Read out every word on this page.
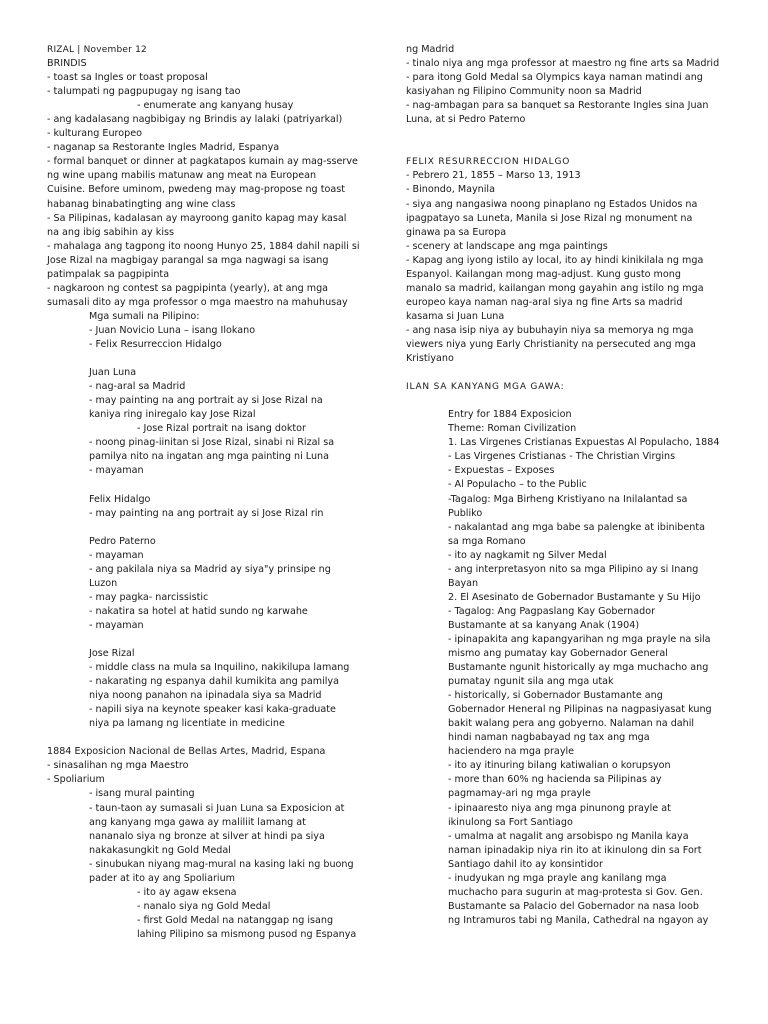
RIZAL | November 12
BRINDIS
- toast sa Ingles or toast proposal
- talumpati ng pagpupugay ng isang tao
- enumerate ang kanyang husay
- ang kadalasang nagbibigay ng Brindis ay lalaki (patriyarkal)
- kulturang Europeo
- naganap sa Restorante Ingles Madrid, Espanya
- formal banquet or dinner at pagkatapos kumain ay mag-sserve
ng wine upang mabilis matunaw ang meat na European
Cuisine. Before uminom, pwedeng may mag-propose ng toast
habanag binabatingting ang wine class
- Sa Pilipinas, kadalasan ay mayroong ganito kapag may kasal
na ang ibig sabihin ay kiss
- mahalaga ang tagpong ito noong Hunyo 25, 1884 dahil napili si
Jose Rizal na magbigay parangal sa mga nagwagi sa isang
patimpalak sa pagpipinta
- nagkaroon ng contest sa pagpipinta (yearly), at ang mga
sumasali dito ay mga professor o mga maestro na mahuhusay
Mga sumali na Pilipino:
- Juan Novicio Luna – isang Ilokano
- Felix Resurreccion Hidalgo
Juan Luna
- nag-aral sa Madrid
- may painting na ang portrait ay si Jose Rizal na
kaniya ring iniregalo kay Jose Rizal
- Jose Rizal portrait na isang doktor
- noong pinag-iinitan si Jose Rizal, sinabi ni Rizal sa
pamilya nito na ingatan ang mga painting ni Luna
- mayaman
Felix Hidalgo
- may painting na ang portrait ay si Jose Rizal rin
Pedro Paterno
- mayaman
- ang pakilala niya sa Madrid ay siya"y prinsipe ng
Luzon
- may pagka- narcissistic
- nakatira sa hotel at hatid sundo ng karwahe
- mayaman
Jose Rizal
- middle class na mula sa Inquilino, nakikilupa lamang
- nakarating ng espanya dahil kumikita ang pamilya
niya noong panahon na ipinadala siya sa Madrid
- napili siya na keynote speaker kasi kaka-graduate
niya pa lamang ng licentiate in medicine
1884 Exposicion Nacional de Bellas Artes, Madrid, Espana
- sinasalihan ng mga Maestro
- Spoliarium
- isang mural painting
- taun-taon ay sumasali si Juan Luna sa Exposicion at
ang kanyang mga gawa ay maliliit lamang at
nananalo siya ng bronze at silver at hindi pa siya
nakakasungkit ng Gold Medal
- sinubukan niyang mag-mural na kasing laki ng buong
pader at ito ay ang Spoliarium
- ito ay agaw eksena
- nanalo siya ng Gold Medal
- first Gold Medal na natanggap ng isang
lahing Pilipino sa mismong pusod ng Espanya
ng Madrid
- tinalo niya ang mga professor at maestro ng fine arts sa Madrid
- para itong Gold Medal sa Olympics kaya naman matindi ang
kasiyahan ng Filipino Community noon sa Madrid
- nag-ambagan para sa banquet sa Restorante Ingles sina Juan
Luna, at si Pedro Paterno
FELIX RESURRECCION HIDALGO
- Pebrero 21, 1855 – Marso 13, 1913
- Binondo, Maynila
- siya ang nangasiwa noong pinaplano ng Estados Unidos na
ipagpatayo sa Luneta, Manila si Jose Rizal ng monument na
ginawa pa sa Europa
- scenery at landscape ang mga paintings
- Kapag ang iyong istilo ay local, ito ay hindi kinikilala ng mga
Espanyol. Kailangan mong mag-adjust. Kung gusto mong
manalo sa madrid, kailangan mong gayahin ang istilo ng mga
europeo kaya naman nag-aral siya ng fine Arts sa madrid
kasama si Juan Luna
- ang nasa isip niya ay bubuhayin niya sa memorya ng mga
viewers niya yung Early Christianity na persecuted ang mga
Kristiyano
ILAN SA KANYANG MGA GAWA:
Entry for 1884 Exposicion
Theme: Roman Civilization
1. Las Virgenes Cristianas Expuestas Al Populacho, 1884
- Las Virgenes Cristianas - The Christian Virgins
- Expuestas – Exposes
- Al Populacho – to the Public
-Tagalog: Mga Birheng Kristiyano na Inilalantad sa
Publiko
- nakalantad ang mga babe sa palengke at ibinibenta
sa mga Romano
- ito ay nagkamit ng Silver Medal
- ang interpretasyon nito sa mga Pilipino ay si Inang
Bayan
2. El Asesinato de Gobernador Bustamante y Su Hijo
- Tagalog: Ang Pagpaslang Kay Gobernador
Bustamante at sa kanyang Anak (1904)
- ipinapakita ang kapangyarihan ng mga prayle na sila
mismo ang pumatay kay Gobernador General
Bustamante ngunit historically ay mga muchacho ang
pumatay ngunit sila ang mga utak
- historically, si Gobernador Bustamante ang
Gobernador Heneral ng Pilipinas na nagpasiyasat kung
bakit walang pera ang gobyerno. Nalaman na dahil
hindi naman nagbabayad ng tax ang mga
haciendero na mga prayle
- ito ay itinuring bilang katiwalian o korupsyon
- more than 60% ng hacienda sa Pilipinas ay
pagmamay-ari ng mga prayle
- ipinaaresto niya ang mga pinunong prayle at
ikinulong sa Fort Santiago
- umalma at nagalit ang arsobispo ng Manila kaya
naman ipinadakip niya rin ito at ikinulong din sa Fort
Santiago dahil ito ay konsintidor
- inudyukan ng mga prayle ang kanilang mga
muchacho para sugurin at mag-protesta si Gov. Gen.
Bustamante sa Palacio del Gobernador na nasa loob
ng Intramuros tabi ng Manila, Cathedral na ngayon ay
